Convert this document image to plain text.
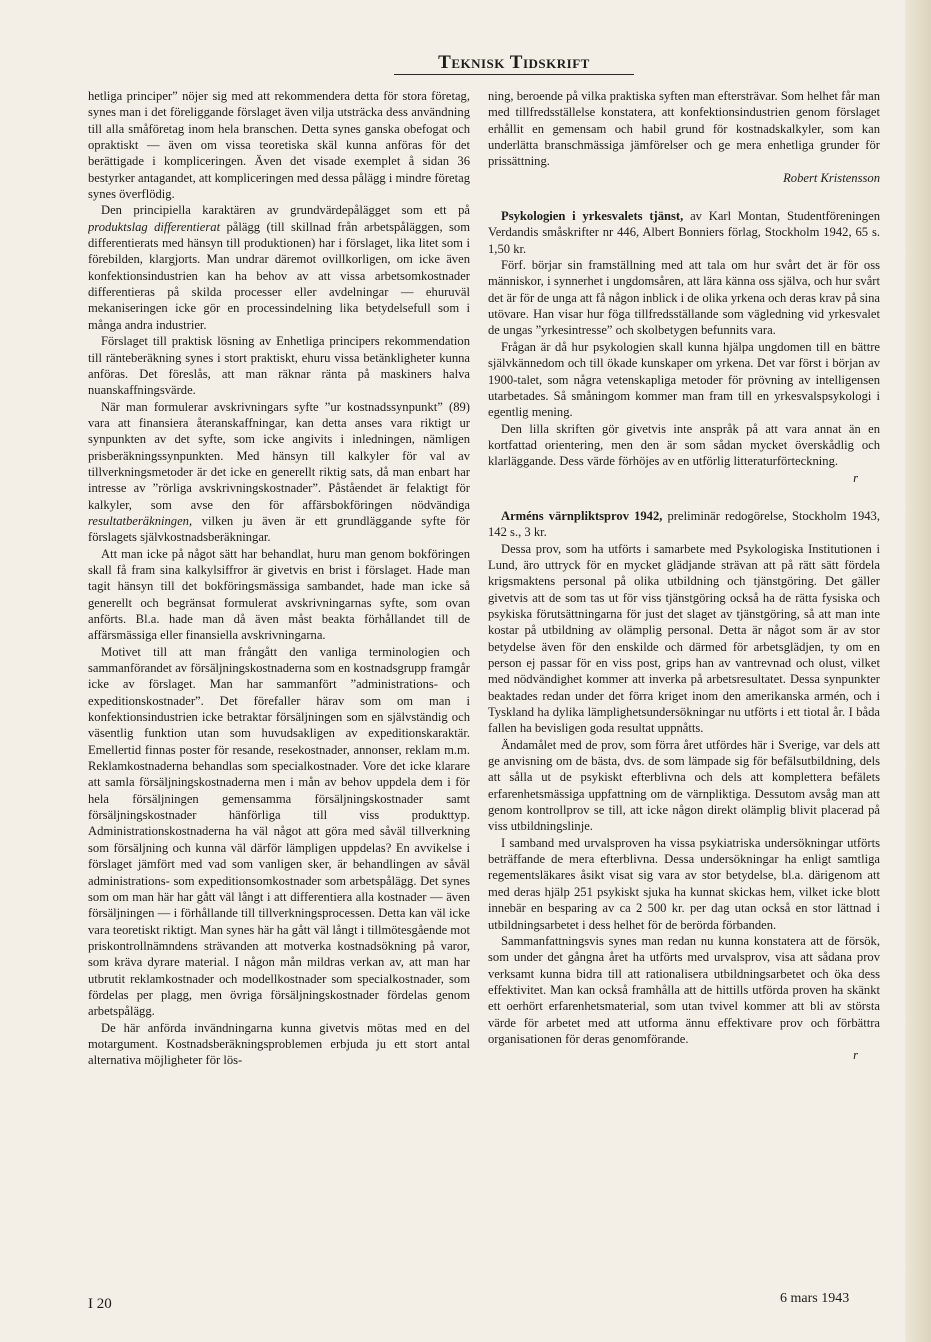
Teknisk Tidskrift

hetliga principer” nöjer sig med att rekommendera detta för stora företag, synes man i det föreliggande förslaget även vilja utsträcka dess användning till alla småföretag inom hela branschen. Detta synes ganska obefogat och opraktiskt — även om vissa teoretiska skäl kunna anföras för det berättigade i kompliceringen. Även det visade exemplet å sidan 36 bestyrker antagandet, att kompliceringen med dessa pålägg i mindre företag synes överflödig.

Den principiella karaktären av grundvärdepålägget som ett på produktslag differentierat pålägg (till skillnad från arbetspåläggen, som differentierats med hänsyn till produktionen) har i förslaget, lika litet som i förebilden, klargjorts. Man undrar däremot ovillkorligen, om icke även konfektionsindustrien kan ha behov av att vissa arbetsomkostnader differentieras på skilda processer eller avdelningar — ehuruväl mekaniseringen icke gör en processindelning lika betydelsefull som i många andra industrier.

Förslaget till praktisk lösning av Enhetliga principers rekommendation till ränteberäkning synes i stort praktiskt, ehuru vissa betänkligheter kunna anföras. Det föreslås, att man räknar ränta på maskiners halva nuanskaffningsvärde.

När man formulerar avskrivningars syfte ”ur kostnadssynpunkt” (89) vara att finansiera återanskaffningar, kan detta anses vara riktigt ur synpunkten av det syfte, som icke angivits i inledningen, nämligen prisberäkningssynpunkten. Med hänsyn till kalkyler för val av tillverkningsmetoder är det icke en generellt riktig sats, då man enbart har intresse av ”rörliga avskrivningskostnader”. Påståendet är felaktigt för kalkyler, som avse den för affärsbokföringen nödvändiga resultatberäkningen, vilken ju även är ett grundläggande syfte för förslagets självkostnadsberäkningar.

Att man icke på något sätt har behandlat, huru man genom bokföringen skall få fram sina kalkylsiffror är givetvis en brist i förslaget. Hade man tagit hänsyn till det bokföringsmässiga sambandet, hade man icke så generellt och begränsat formulerat avskrivningarnas syfte, som ovan anförts. Bl.a. hade man då även måst beakta förhållandet till de affärsmässiga eller finansiella avskrivningarna.

Motivet till att man frångått den vanliga terminologien och sammanförandet av försäljningskostnaderna som en kostnadsgrupp framgår icke av förslaget. Man har sammanfört ”administrations- och expeditionskostnader”. Det förefaller härav som om man i konfektionsindustrien icke betraktar försäljningen som en självständig och väsentlig funktion utan som huvudsakligen av expeditionskaraktär. Emellertid finnas poster för resande, resekostnader, annonser, reklam m.m. Reklamkostnaderna behandlas som specialkostnader. Vore det icke klarare att samla försäljningskostnaderna men i mån av behov uppdela dem i för hela försäljningen gemensamma försäljningskostnader samt försäljningskostnader hänförliga till viss produkttyp. Administrationskostnaderna ha väl något att göra med såväl tillverkning som försäljning och kunna väl därför lämpligen uppdelas? En avvikelse i förslaget jämfört med vad som vanligen sker, är behandlingen av såväl administrations- som expeditionsomkostnader som arbetspålägg. Det synes som om man här har gått väl långt i att differentiera alla kostnader — även försäljningen — i förhållande till tillverkningsprocessen. Detta kan väl icke vara teoretiskt riktigt. Man synes här ha gått väl långt i tillmötesgående mot priskontrollnämndens strävanden att motverka kostnadsökning på varor, som kräva dyrare material. I någon mån mildras verkan av, att man har utbrutit reklamkostnader och modellkostnader som specialkostnader, som fördelas per plagg, men övriga försäljningskostnader fördelas genom arbetspålägg.

De här anförda invändningarna kunna givetvis mötas med en del motargument. Kostnadsberäkningsproblemen erbjuda ju ett stort antal alternativa möjligheter för lös-

ning, beroende på vilka praktiska syften man eftersträvar. Som helhet får man med tillfredsställelse konstatera, att konfektionsindustrien genom förslaget erhållit en gemensam och habil grund för kostnadskalkyler, som kan underlätta branschmässiga jämförelser och ge mera enhetliga grunder för prissättning.

Robert Kristensson

Psykologien i yrkesvalets tjänst, av Karl Montan, Studentföreningen Verdandis småskrifter nr 446, Albert Bonniers förlag, Stockholm 1942, 65 s. 1,50 kr.

Förf. börjar sin framställning med att tala om hur svårt det är för oss människor, i synnerhet i ungdomsåren, att lära känna oss själva, och hur svårt det är för de unga att få någon inblick i de olika yrkena och deras krav på sina utövare. Han visar hur föga tillfredsställande som vägledning vid yrkesvalet de ungas ”yrkesintresse” och skolbetygen befunnits vara.

Frågan är då hur psykologien skall kunna hjälpa ungdomen till en bättre självkännedom och till ökade kunskaper om yrkena. Det var först i början av 1900-talet, som några vetenskapliga metoder för prövning av intelligensen utarbetades. Så småningom kommer man fram till en yrkesvalspsykologi i egentlig mening.

Den lilla skriften gör givetvis inte anspråk på att vara annat än en kortfattad orientering, men den är som sådan mycket överskådlig och klarläggande. Dess värde förhöjes av en utförlig litteraturförteckning.

r

Arméns värnpliktsprov 1942, preliminär redogörelse, Stockholm 1943, 142 s., 3 kr.

Dessa prov, som ha utförts i samarbete med Psykologiska Institutionen i Lund, äro uttryck för en mycket glädjande strävan att på rätt sätt fördela krigsmaktens personal på olika utbildning och tjänstgöring. Det gäller givetvis att de som tas ut för viss tjänstgöring också ha de rätta fysiska och psykiska förutsättningarna för just det slaget av tjänstgöring, så att man inte kostar på utbildning av olämplig personal. Detta är något som är av stor betydelse även för den enskilde och därmed för arbetsglädjen, ty om en person ej passar för en viss post, grips han av vantrevnad och olust, vilket med nödvändighet kommer att inverka på arbetsresultatet. Dessa synpunkter beaktades redan under det förra kriget inom den amerikanska armén, och i Tyskland ha dylika lämplighetsundersökningar nu utförts i ett tiotal år. I båda fallen ha bevisligen goda resultat uppnåtts.

Ändamålet med de prov, som förra året utfördes här i Sverige, var dels att ge anvisning om de bästa, dvs. de som lämpade sig för befälsutbildning, dels att sålla ut de psykiskt efterblivna och dels att komplettera befälets erfarenhetsmässiga uppfattning om de värnpliktiga. Dessutom avsåg man att genom kontrollprov se till, att icke någon direkt olämplig blivit placerad på viss utbildningslinje.

I samband med urvalsproven ha vissa psykiatriska undersökningar utförts beträffande de mera efterblivna. Dessa undersökningar ha enligt samtliga regementsläkares åsikt visat sig vara av stor betydelse, bl.a. därigenom att med deras hjälp 251 psykiskt sjuka ha kunnat skickas hem, vilket icke blott innebär en besparing av ca 2 500 kr. per dag utan också en stor lättnad i utbildningsarbetet i dess helhet för de berörda förbanden.

Sammanfattningsvis synes man redan nu kunna konstatera att de försök, som under det gångna året ha utförts med urvalsprov, visa att sådana prov verksamt kunna bidra till att rationalisera utbildningsarbetet och öka dess effektivitet. Man kan också framhålla att de hittills utförda proven ha skänkt ett oerhört erfarenhetsmaterial, som utan tvivel kommer att bli av största värde för arbetet med att utforma ännu effektivare prov och förbättra organisationen för deras genomförande.

r

I 20	6 mars 1943
